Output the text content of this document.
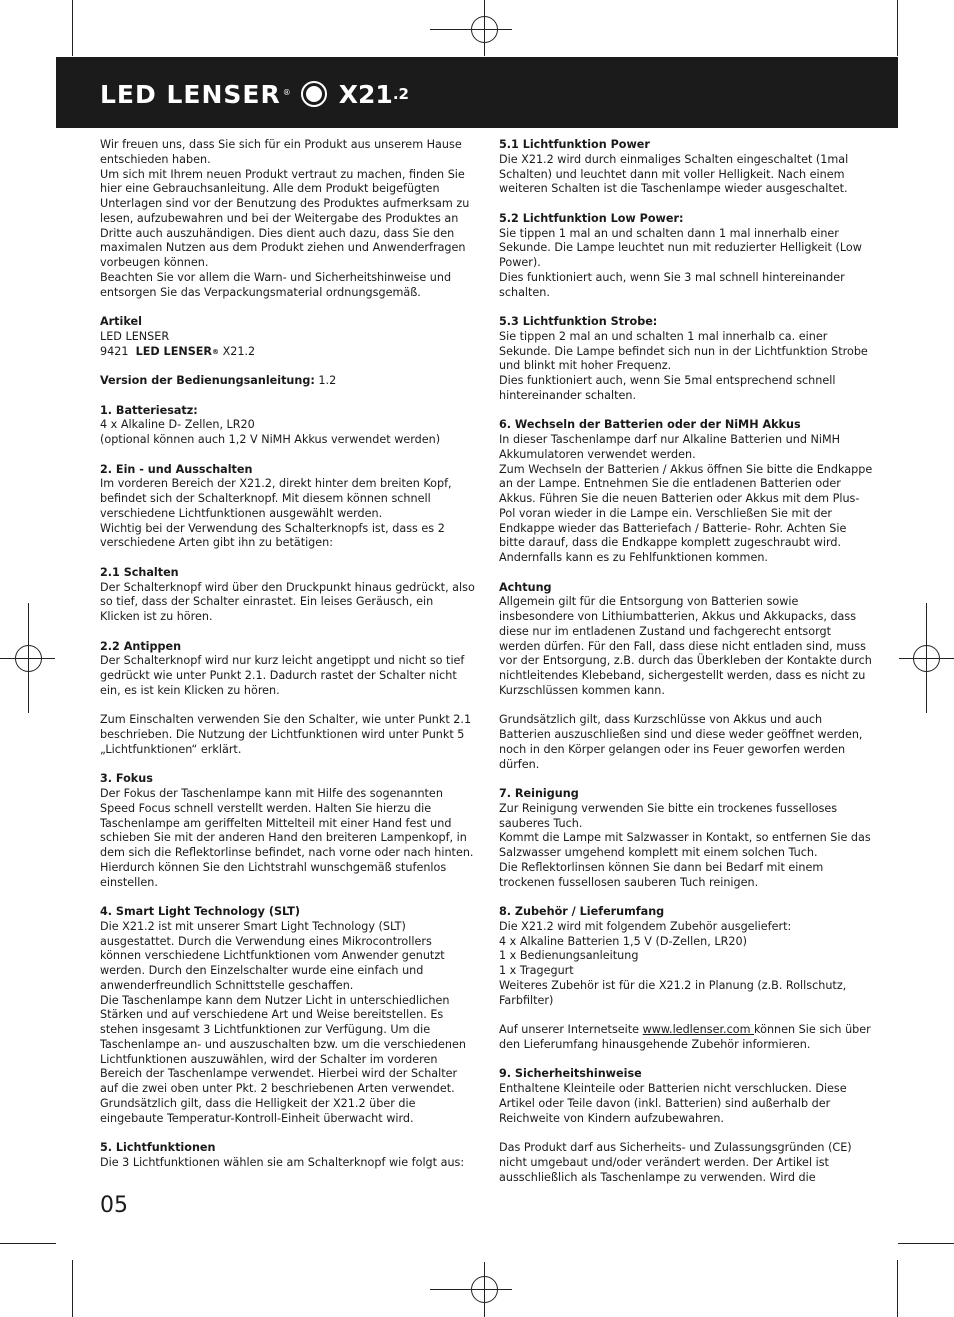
LED LENSER ® X21 .2

Wir freuen uns, dass Sie sich für ein Produkt aus unserem Hause entschieden haben.
Um sich mit Ihrem neuen Produkt vertraut zu machen, finden Sie hier eine Gebrauchsanleitung. Alle dem Produkt beigefügten Unterlagen sind vor der Benutzung des Produktes aufmerksam zu lesen, aufzubewahren und bei der Weitergabe des Produktes an Dritte auch auszuhändigen. Dies dient auch dazu, dass Sie den maximalen Nutzen aus dem Produkt ziehen und Anwenderfragen vorbeugen können.
Beachten Sie vor allem die Warn- und Sicherheitshinweise und entsorgen Sie das Verpackungsmaterial ordnungsgemäß.

Artikel
LED LENSER
9421 LED LENSER® X21.2

Version der Bedienungsanleitung: 1.2

1. Batteriesatz:
4 x Alkaline D- Zellen, LR20
(optional können auch 1,2 V NiMH Akkus verwendet werden)

2. Ein - und Ausschalten
Im vorderen Bereich der X21.2, direkt hinter dem breiten Kopf, befindet sich der Schalterknopf. Mit diesem können schnell verschiedene Lichtfunktionen ausgewählt werden.
Wichtig bei der Verwendung des Schalterknopfs ist, dass es 2 verschiedene Arten gibt ihn zu betätigen:

2.1 Schalten
Der Schalterknopf wird über den Druckpunkt hinaus gedrückt, also so tief, dass der Schalter einrastet. Ein leises Geräusch, ein Klicken ist zu hören.

2.2 Antippen
Der Schalterknopf wird nur kurz leicht angetippt und nicht so tief gedrückt wie unter Punkt 2.1. Dadurch rastet der Schalter nicht ein, es ist kein Klicken zu hören.

Zum Einschalten verwenden Sie den Schalter, wie unter Punkt 2.1 beschrieben. Die Nutzung der Lichtfunktionen wird unter Punkt 5 „Lichtfunktionen“ erklärt.

3. Fokus
Der Fokus der Taschenlampe kann mit Hilfe des sogenannten Speed Focus schnell verstellt werden. Halten Sie hierzu die Taschenlampe am geriffelten Mittelteil mit einer Hand fest und schieben Sie mit der anderen Hand den breiteren Lampenkopf, in dem sich die Reflektorlinse befindet, nach vorne oder nach hinten. Hierdurch können Sie den Lichtstrahl wunschgemäß stufenlos einstellen.

4. Smart Light Technology (SLT)
Die X21.2 ist mit unserer Smart Light Technology (SLT) ausgestattet. Durch die Verwendung eines Mikrocontrollers können verschiedene Lichtfunktionen vom Anwender genutzt werden. Durch den Einzelschalter wurde eine einfach und anwenderfreundlich Schnittstelle geschaffen.
Die Taschenlampe kann dem Nutzer Licht in unterschiedlichen Stärken und auf verschiedene Art und Weise bereitstellen. Es stehen insgesamt 3 Lichtfunktionen zur Verfügung. Um die Taschenlampe an- und auszuschalten bzw. um die verschiedenen Lichtfunktionen auszuwählen, wird der Schalter im vorderen Bereich der Taschenlampe verwendet. Hierbei wird der Schalter auf die zwei oben unter Pkt. 2 beschriebenen Arten verwendet.
Grundsätzlich gilt, dass die Helligkeit der X21.2 über die eingebaute Temperatur-Kontroll-Einheit überwacht wird.

5. Lichtfunktionen
Die 3 Lichtfunktionen wählen sie am Schalterknopf wie folgt aus:

5.1 Lichtfunktion Power
Die X21.2 wird durch einmaliges Schalten eingeschaltet (1mal Schalten) und leuchtet dann mit voller Helligkeit. Nach einem weiteren Schalten ist die Taschenlampe wieder ausgeschaltet.

5.2 Lichtfunktion Low Power:
Sie tippen 1 mal an und schalten dann 1 mal innerhalb einer Sekunde. Die Lampe leuchtet nun mit reduzierter Helligkeit (Low Power).
Dies funktioniert auch, wenn Sie 3 mal schnell hintereinander schalten.

5.3 Lichtfunktion Strobe:
Sie tippen 2 mal an und schalten 1 mal innerhalb ca. einer Sekunde. Die Lampe befindet sich nun in der Lichtfunktion Strobe und blinkt mit hoher Frequenz.
Dies funktioniert auch, wenn Sie 5mal entsprechend schnell hintereinander schalten.

6. Wechseln der Batterien oder der NiMH Akkus
In dieser Taschenlampe darf nur Alkaline Batterien und NiMH Akkumulatoren verwendet werden.
Zum Wechseln der Batterien / Akkus öffnen Sie bitte die Endkappe an der Lampe. Entnehmen Sie die entladenen Batterien oder Akkus. Führen Sie die neuen Batterien oder Akkus mit dem Plus- Pol voran wieder in die Lampe ein. Verschließen Sie mit der Endkappe wieder das Batteriefach / Batterie- Rohr. Achten Sie bitte darauf, dass die Endkappe komplett zugeschraubt wird. Andernfalls kann es zu Fehlfunktionen kommen.

Achtung
Allgemein gilt für die Entsorgung von Batterien sowie insbesondere von Lithiumbatterien, Akkus und Akkupacks, dass diese nur im entladenen Zustand und fachgerecht entsorgt werden dürfen. Für den Fall, dass diese nicht entladen sind, muss vor der Entsorgung, z.B. durch das Überkleben der Kontakte durch nichtleitendes Klebeband, sichergestellt werden, dass es nicht zu Kurzschlüssen kommen kann.

Grundsätzlich gilt, dass Kurzschlüsse von Akkus und auch Batterien auszuschließen sind und diese weder geöffnet werden, noch in den Körper gelangen oder ins Feuer geworfen werden dürfen.

7. Reinigung
Zur Reinigung verwenden Sie bitte ein trockenes fusselloses sauberes Tuch.
Kommt die Lampe mit Salzwasser in Kontakt, so entfernen Sie das Salzwasser umgehend komplett mit einem solchen Tuch.
Die Reflektorlinsen können Sie dann bei Bedarf mit einem trockenen fussellosen sauberen Tuch reinigen.

8. Zubehör / Lieferumfang
Die X21.2 wird mit folgendem Zubehör ausgeliefert:
4 x Alkaline Batterien 1,5 V (D-Zellen, LR20)
1 x Bedienungsanleitung
1 x Tragegurt
Weiteres Zubehör ist für die X21.2 in Planung (z.B. Rollschutz, Farbfilter)

Auf unserer Internetseite www.ledlenser.com können Sie sich über den Lieferumfang hinausgehende Zubehör informieren.

9. Sicherheitshinweise
Enthaltene Kleinteile oder Batterien nicht verschlucken. Diese Artikel oder Teile davon (inkl. Batterien) sind außerhalb der Reichweite von Kindern aufzubewahren.

Das Produkt darf aus Sicherheits- und Zulassungsgründen (CE) nicht umgebaut und/oder verändert werden. Der Artikel ist ausschließlich als Taschenlampe zu verwenden. Wird die

05
